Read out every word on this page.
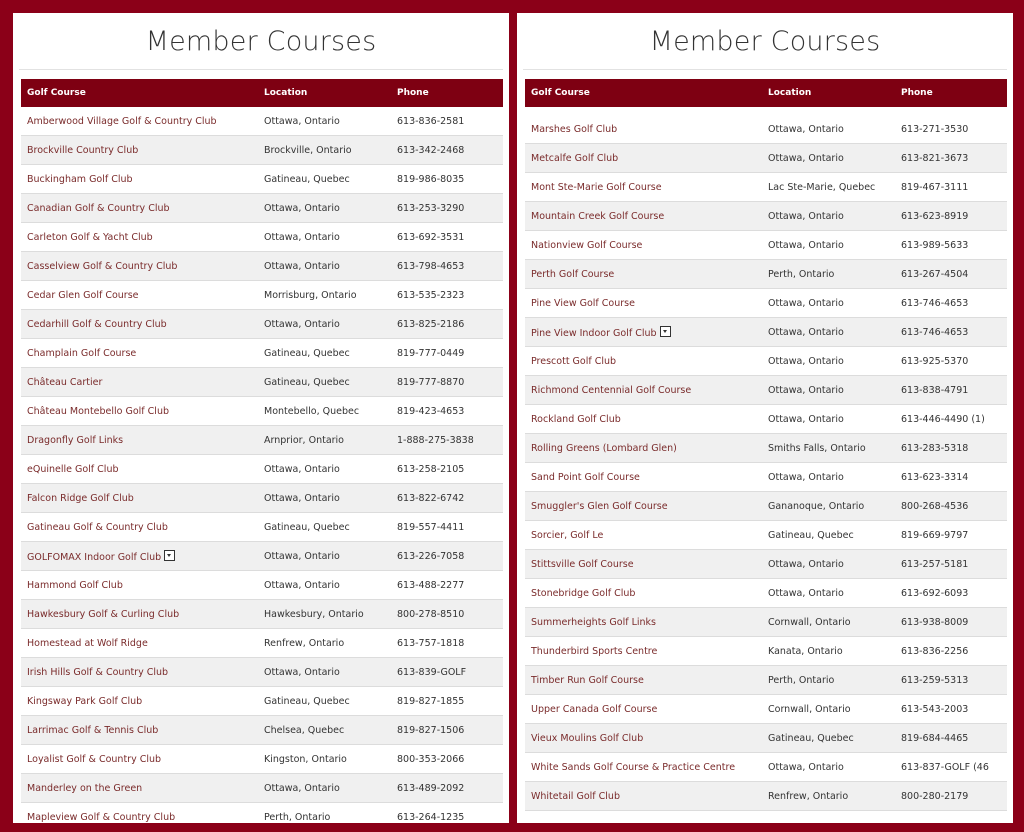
Member Courses
Golf Course	Location	Phone
Amberwood Village Golf & Country Club	Ottawa, Ontario	613-836-2581
Brockville Country Club	Brockville, Ontario	613-342-2468
Buckingham Golf Club	Gatineau, Quebec	819-986-8035
Canadian Golf & Country Club	Ottawa, Ontario	613-253-3290
Carleton Golf & Yacht Club	Ottawa, Ontario	613-692-3531
Casselview Golf & Country Club	Ottawa, Ontario	613-798-4653
Cedar Glen Golf Course	Morrisburg, Ontario	613-535-2323
Cedarhill Golf & Country Club	Ottawa, Ontario	613-825-2186
Champlain Golf Course	Gatineau, Quebec	819-777-0449
Château Cartier	Gatineau, Quebec	819-777-8870
Château Montebello Golf Club	Montebello, Quebec	819-423-4653
Dragonfly Golf Links	Arnprior, Ontario	1-888-275-3838
eQuinelle Golf Club	Ottawa, Ontario	613-258-2105
Falcon Ridge Golf Club	Ottawa, Ontario	613-822-6742
Gatineau Golf & Country Club	Gatineau, Quebec	819-557-4411
GOLFOMAX Indoor Golf Club	Ottawa, Ontario	613-226-7058
Hammond Golf Club	Ottawa, Ontario	613-488-2277
Hawkesbury Golf & Curling Club	Hawkesbury, Ontario	800-278-8510
Homestead at Wolf Ridge	Renfrew, Ontario	613-757-1818
Irish Hills Golf & Country Club	Ottawa, Ontario	613-839-GOLF
Kingsway Park Golf Club	Gatineau, Quebec	819-827-1855
Larrimac Golf & Tennis Club	Chelsea, Quebec	819-827-1506
Loyalist Golf & Country Club	Kingston, Ontario	800-353-2066
Manderley on the Green	Ottawa, Ontario	613-489-2092
Mapleview Golf & Country Club	Perth, Ontario	613-264-1235
Member Courses
Golf Course	Location	Phone
Marshes Golf Club	Ottawa, Ontario	613-271-3530
Metcalfe Golf Club	Ottawa, Ontario	613-821-3673
Mont Ste-Marie Golf Course	Lac Ste-Marie, Quebec	819-467-3111
Mountain Creek Golf Course	Ottawa, Ontario	613-623-8919
Nationview Golf Course	Ottawa, Ontario	613-989-5633
Perth Golf Course	Perth, Ontario	613-267-4504
Pine View Golf Course	Ottawa, Ontario	613-746-4653
Pine View Indoor Golf Club	Ottawa, Ontario	613-746-4653
Prescott Golf Club	Ottawa, Ontario	613-925-5370
Richmond Centennial Golf Course	Ottawa, Ontario	613-838-4791
Rockland Golf Club	Ottawa, Ontario	613-446-4490 (1)
Rolling Greens (Lombard Glen)	Smiths Falls, Ontario	613-283-5318
Sand Point Golf Course	Ottawa, Ontario	613-623-3314
Smuggler's Glen Golf Course	Gananoque, Ontario	800-268-4536
Sorcier, Golf Le	Gatineau, Quebec	819-669-9797
Stittsville Golf Course	Ottawa, Ontario	613-257-5181
Stonebridge Golf Club	Ottawa, Ontario	613-692-6093
Summerheights Golf Links	Cornwall, Ontario	613-938-8009
Thunderbird Sports Centre	Kanata, Ontario	613-836-2256
Timber Run Golf Course	Perth, Ontario	613-259-5313
Upper Canada Golf Course	Cornwall, Ontario	613-543-2003
Vieux Moulins Golf Club	Gatineau, Quebec	819-684-4465
White Sands Golf Course & Practice Centre	Ottawa, Ontario	613-837-GOLF (46
Whitetail Golf Club	Renfrew, Ontario	800-280-2179
